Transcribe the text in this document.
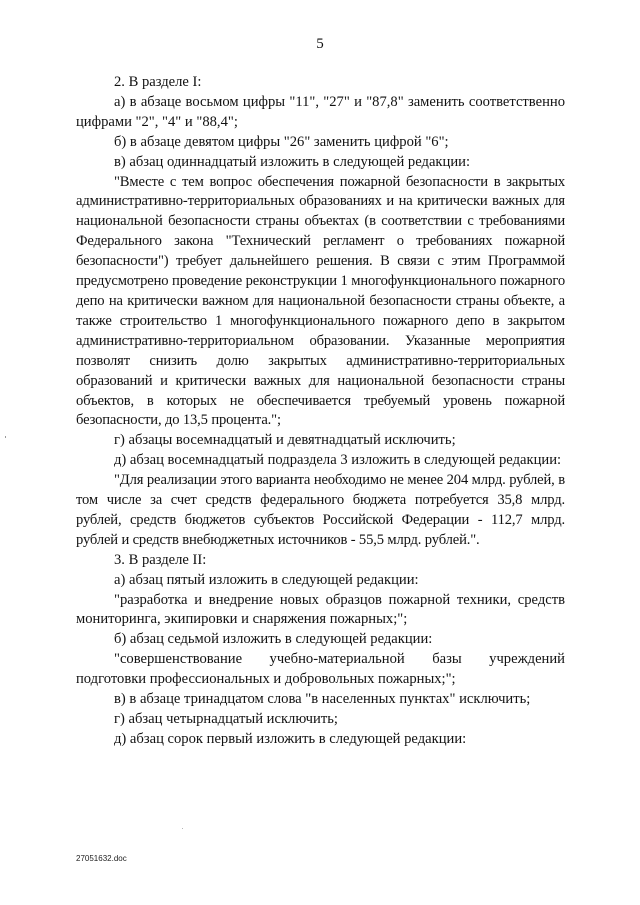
5

2. В разделе I:

а) в абзаце восьмом цифры "11", "27" и "87,8" заменить соответственно цифрами "2", "4" и "88,4";

б) в абзаце девятом цифры "26" заменить цифрой "6";

в) абзац одиннадцатый изложить в следующей редакции:

"Вместе с тем вопрос обеспечения пожарной безопасности в закрытых административно-территориальных образованиях и на критически важных для национальной безопасности страны объектах (в соответствии с требованиями Федерального закона "Технический регламент о требованиях пожарной безопасности") требует дальнейшего решения. В связи с этим Программой предусмотрено проведение реконструкции 1 многофункционального пожарного депо на критически важном для национальной безопасности страны объекте, а также строительство 1 многофункционального пожарного депо в закрытом административно-территориальном образовании. Указанные мероприятия позволят снизить долю закрытых административно-территориальных образований и критически важных для национальной безопасности страны объектов, в которых не обеспечивается требуемый уровень пожарной безопасности, до 13,5 процента.";

г) абзацы восемнадцатый и девятнадцатый исключить;

д) абзац восемнадцатый подраздела 3 изложить в следующей редакции:

"Для реализации этого варианта необходимо не менее 204 млрд. рублей, в том числе за счет средств федерального бюджета потребуется 35,8 млрд. рублей, средств бюджетов субъектов Российской Федерации - 112,7 млрд. рублей и средств внебюджетных источников - 55,5 млрд. рублей.".

3. В разделе II:

а) абзац пятый изложить в следующей редакции:

"разработка и внедрение новых образцов пожарной техники, средств мониторинга, экипировки и снаряжения пожарных;";

б) абзац седьмой изложить в следующей редакции:

"совершенствование учебно-материальной базы учреждений подготовки профессиональных и добровольных пожарных;";

в) в абзаце тринадцатом слова "в населенных пунктах" исключить;

г) абзац четырнадцатый исключить;

д) абзац сорок первый изложить в следующей редакции:

27051632.doc
